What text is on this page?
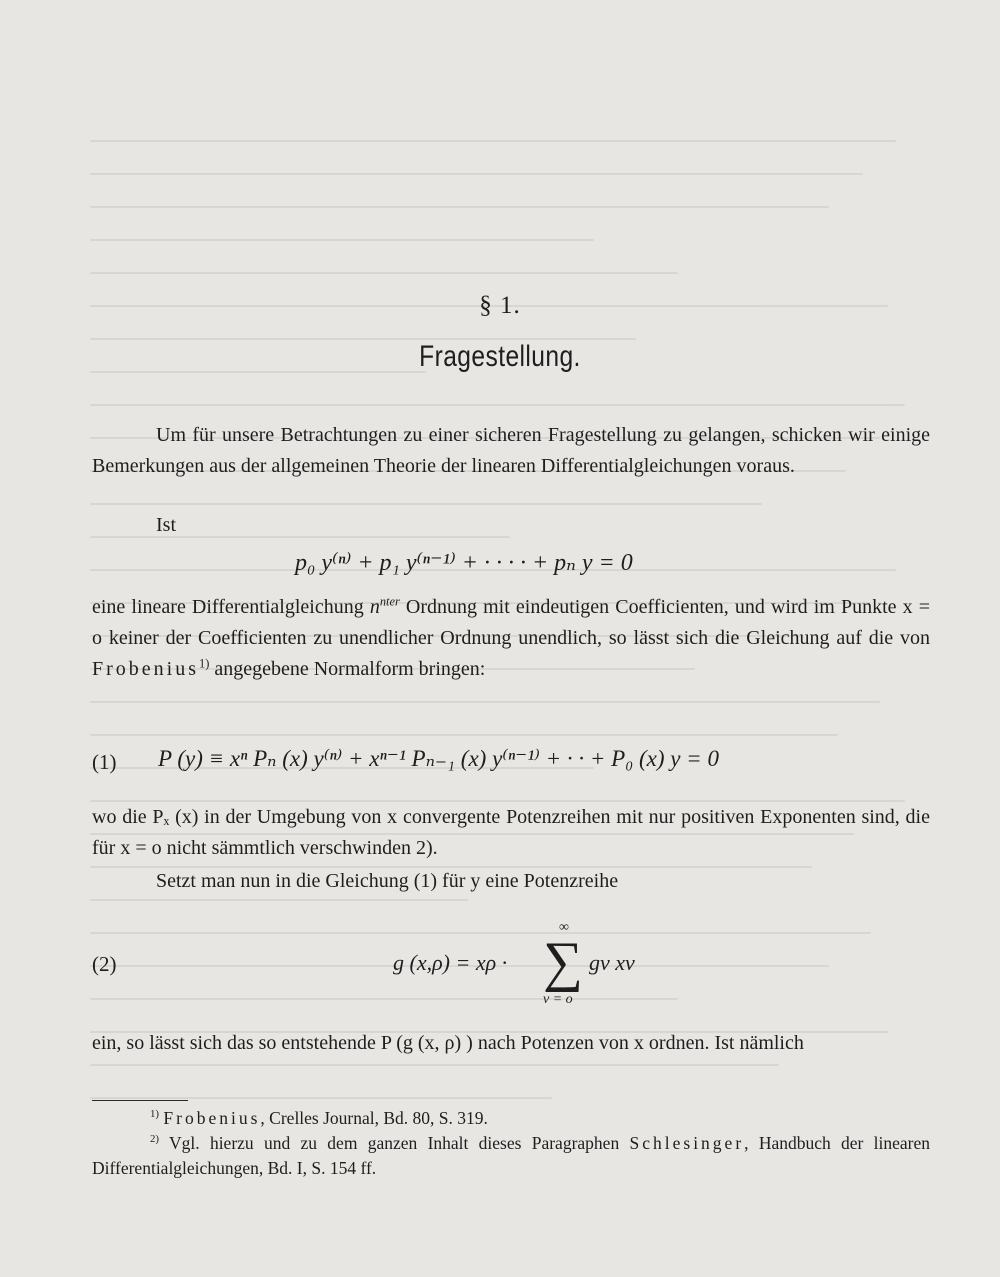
§ 1.
Fragestellung.

Um für unsere Betrachtungen zu einer sicheren Fragestellung zu gelangen, schicken wir einige Bemerkungen aus der allgemeinen Theorie der linearen Differentialgleichungen voraus.

Ist
p₀ y⁽ⁿ⁾ + p₁ y⁽ⁿ⁻¹⁾ + · · · · + pₙ y = 0

eine lineare Differentialgleichung $n^{nter}$ Ordnung mit eindeutigen Coefficienten, und wird im Punkte x = o keiner der Coefficienten zu unendlicher Ordnung unendlich, so lässt sich die Gleichung auf die von Frobenius$^{1)}$ angegebene Normalform bringen:

(1) P (y) ≡ xⁿ Pₙ (x) y⁽ⁿ⁾ + xⁿ⁻¹ Pₙ₋₁ (x) y⁽ⁿ⁻¹⁾ + · · + P₀ (x) y = 0

wo die Pₓ (x) in der Umgebung von x convergente Potenzreihen mit nur positiven Exponenten sind, die für x = o nicht sämmtlich verschwinden 2).

Setzt man nun in die Gleichung (1) für y eine Potenzreihe

(2)	g (x,ρ) = xρ ·
∞
∑
ν = o
gν xν

ein, so lässt sich das so entstehende P (g (x, ρ) ) nach Potenzen von x ordnen. Ist nämlich

$^{1)}$ Frobenius, Crelles Journal, Bd. 80, S. 319.

$^{2)}$ Vgl. hierzu und zu dem ganzen Inhalt dieses Paragraphen Schlesinger, Handbuch der linearen Differentialgleichungen, Bd. I, S. 154 ff.
